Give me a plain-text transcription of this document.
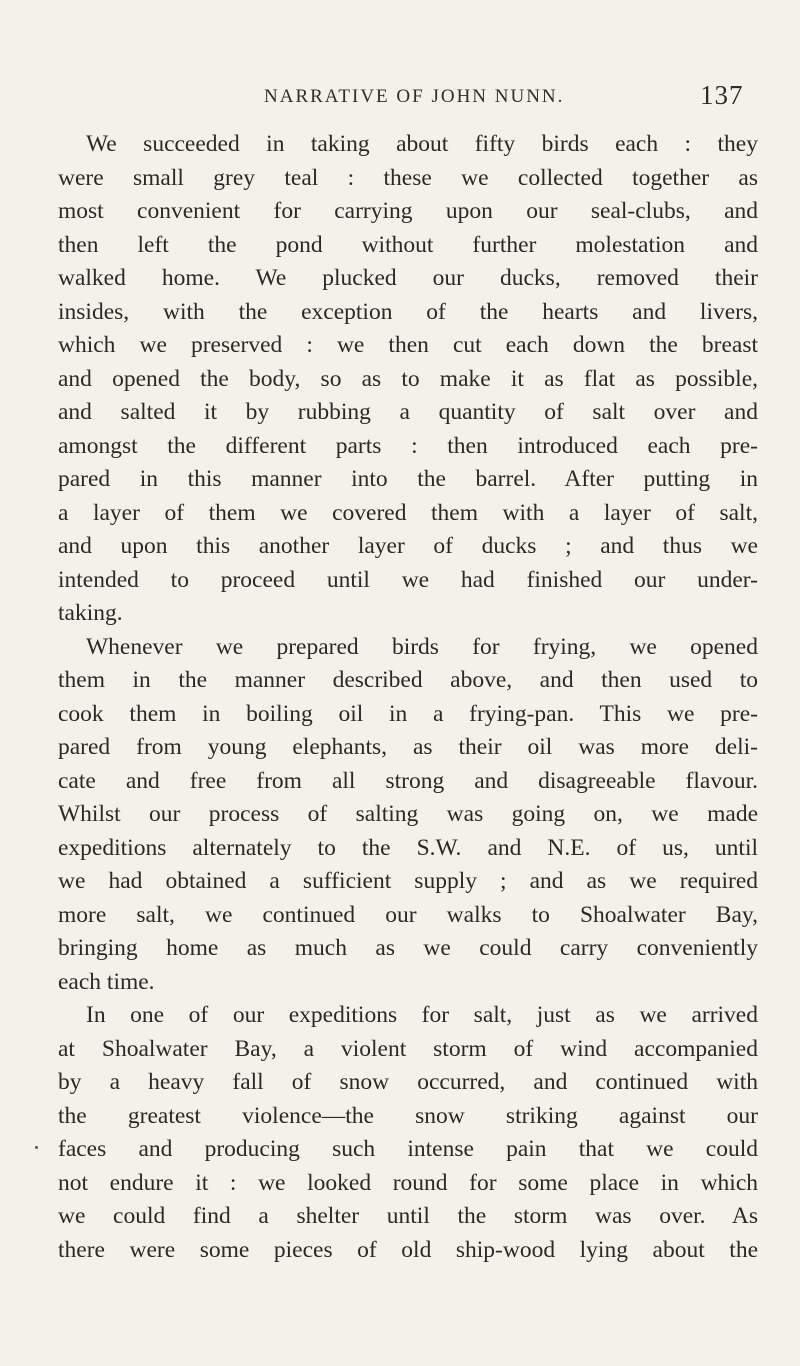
NARRATIVE OF JOHN NUNN.	137
We succeeded in taking about fifty birds each : they
were small grey teal : these we collected together as
most convenient for carrying upon our seal-clubs, and
then left the pond without further molestation and
walked home. We plucked our ducks, removed their
insides, with the exception of the hearts and livers,
which we preserved : we then cut each down the breast
and opened the body, so as to make it as flat as possible,
and salted it by rubbing a quantity of salt over and
amongst the different parts : then introduced each pre-
pared in this manner into the barrel. After putting in
a layer of them we covered them with a layer of salt,
and upon this another layer of ducks ; and thus we
intended to proceed until we had finished our under-
taking.
Whenever we prepared birds for frying, we opened
them in the manner described above, and then used to
cook them in boiling oil in a frying-pan. This we pre-
pared from young elephants, as their oil was more deli-
cate and free from all strong and disagreeable flavour.
Whilst our process of salting was going on, we made
expeditions alternately to the S.W. and N.E. of us, until
we had obtained a sufficient supply ; and as we required
more salt, we continued our walks to Shoalwater Bay,
bringing home as much as we could carry conveniently
each time.
In one of our expeditions for salt, just as we arrived
at Shoalwater Bay, a violent storm of wind accompanied
by a heavy fall of snow occurred, and continued with
the greatest violence—the snow striking against our
faces and producing such intense pain that we could
not endure it : we looked round for some place in which
we could find a shelter until the storm was over. As
there were some pieces of old ship-wood lying about the
